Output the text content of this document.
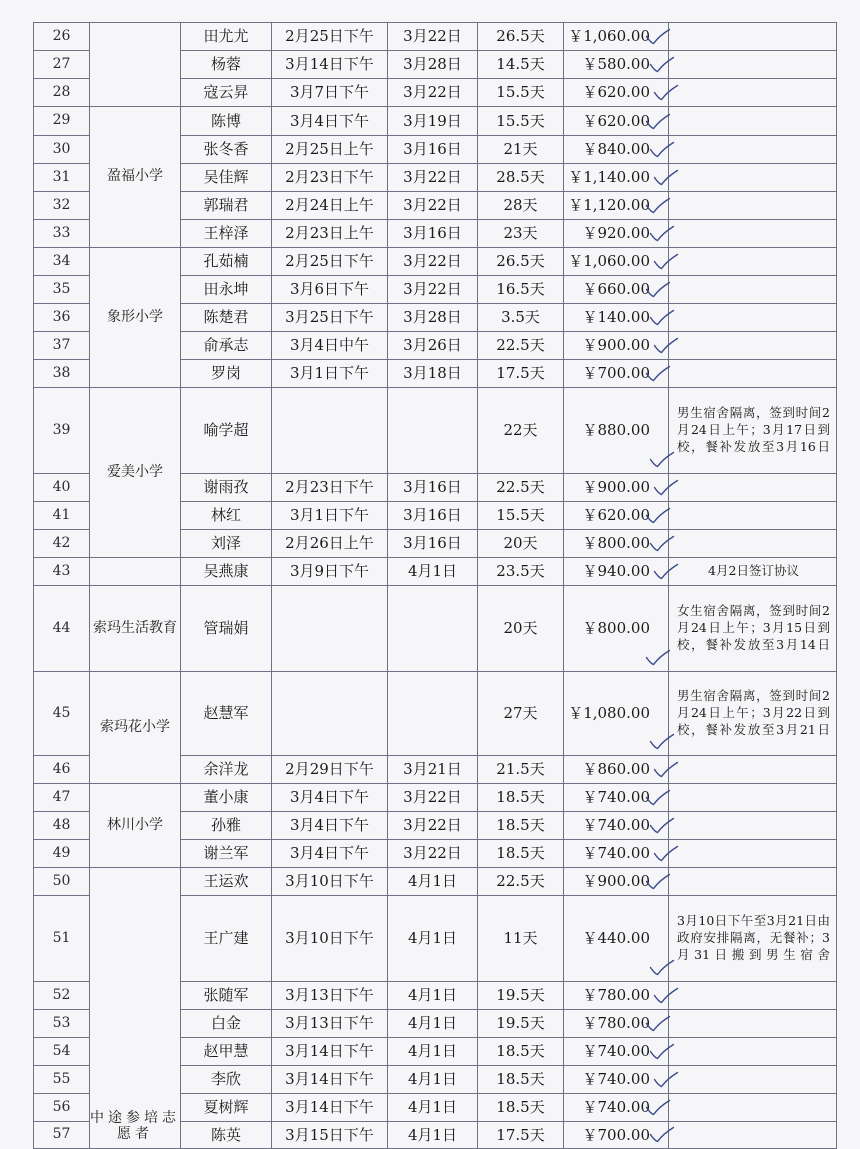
26		田尤尤	2月25日下午	3月22日	26.5天	￥1,060.00	
27		杨蓉	3月14日下午	3月28日	14.5天	￥580.00	
28		寇云昇	3月7日下午	3月22日	15.5天	￥620.00	
29	盈福小学	陈博	3月4日下午	3月19日	15.5天	￥620.00	
30		张冬香	2月25日上午	3月16日	21天	￥840.00	
31		吴佳辉	2月23日下午	3月22日	28.5天	￥1,140.00	
32		郭瑞君	2月24日上午	3月22日	28天	￥1,120.00	
33		王梓泽	2月23日上午	3月16日	23天	￥920.00	
34	象形小学	孔茹楠	2月25日下午	3月22日	26.5天	￥1,060.00	
35		田永坤	3月6日下午	3月22日	16.5天	￥660.00	
36		陈楚君	3月25日下午	3月28日	3.5天	￥140.00	
37		俞承志	3月4日中午	3月26日	22.5天	￥900.00	
38		罗岗	3月1日下午	3月18日	17.5天	￥700.00	
39	爱美小学	喻学超			22天	￥880.00	男生宿舍隔离，签到时间2月24日上午；3月17日到校，餐补发放至3月16日
40		谢雨孜	2月23日下午	3月16日	22.5天	￥900.00	
41		林红	3月1日下午	3月16日	15.5天	￥620.00	
42		刘泽	2月26日上午	3月16日	20天	￥800.00	
43		吴燕康	3月9日下午	4月1日	23.5天	￥940.00	4月2日签订协议
44	索玛生活教育	管瑞娟			20天	￥800.00	女生宿舍隔离，签到时间2月24日上午；3月15日到校，餐补发放至3月14日
45	索玛花小学	赵慧军			27天	￥1,080.00	男生宿舍隔离，签到时间2月24日上午；3月22日到校，餐补发放至3月21日
46		余洋龙	2月29日下午	3月21日	21.5天	￥860.00	
47	林川小学	董小康	3月4日下午	3月22日	18.5天	￥740.00	
48		孙雅	3月4日下午	3月22日	18.5天	￥740.00	
49		谢兰军	3月4日下午	3月22日	18.5天	￥740.00	
50	中途参培志愿者	王运欢	3月10日下午	4月1日	22.5天	￥900.00	
51		王广建	3月10日下午	4月1日	11天	￥440.00	3月10日下午至3月21日由政府安排隔离，无餐补；3月31日搬到男生宿舍
52		张随军	3月13日下午	4月1日	19.5天	￥780.00	
53		白金	3月13日下午	4月1日	19.5天	￥780.00	
54		赵甲慧	3月14日下午	4月1日	18.5天	￥740.00	
55		李欣	3月14日下午	4月1日	18.5天	￥740.00	
56		夏树辉	3月14日下午	4月1日	18.5天	￥740.00	
57		陈英	3月15日下午	4月1日	17.5天	￥700.00	
